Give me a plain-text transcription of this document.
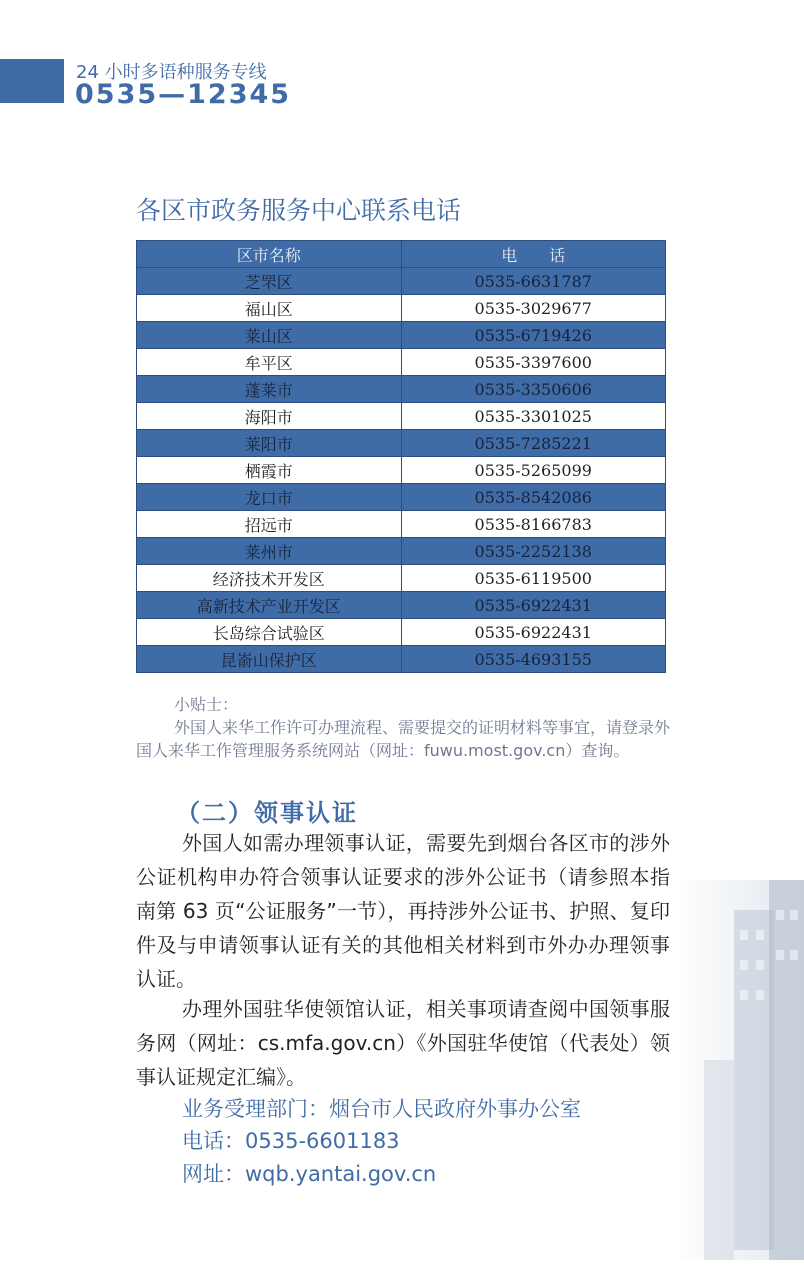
24 小时多语种服务专线
0535—12345
各区市政务服务中心联系电话
区市名称	电　　话
芝罘区	0535-6631787
福山区	0535-3029677
莱山区	0535-6719426
牟平区	0535-3397600
蓬莱市	0535-3350606
海阳市	0535-3301025
莱阳市	0535-7285221
栖霞市	0535-5265099
龙口市	0535-8542086
招远市	0535-8166783
莱州市	0535-2252138
经济技术开发区	0535-6119500
高新技术产业开发区	0535-6922431
长岛综合试验区	0535-6922431
昆嵛山保护区	0535-4693155
小贴士：
外国人来华工作许可办理流程、需要提交的证明材料等事宜，请登录外国人来华工作管理服务系统网站（网址：fuwu.most.gov.cn）查询。
（二）领事认证
外国人如需办理领事认证，需要先到烟台各区市的涉外公证机构申办符合领事认证要求的涉外公证书（请参照本指南第 63 页“公证服务”一节），再持涉外公证书、护照、复印件及与申请领事认证有关的其他相关材料到市外办办理领事认证。
办理外国驻华使领馆认证，相关事项请查阅中国领事服务网（网址：cs.mfa.gov.cn）《外国驻华使馆（代表处）领事认证规定汇编》。
业务受理部门：烟台市人民政府外事办公室
电话：0535-6601183
网址：wqb.yantai.gov.cn
